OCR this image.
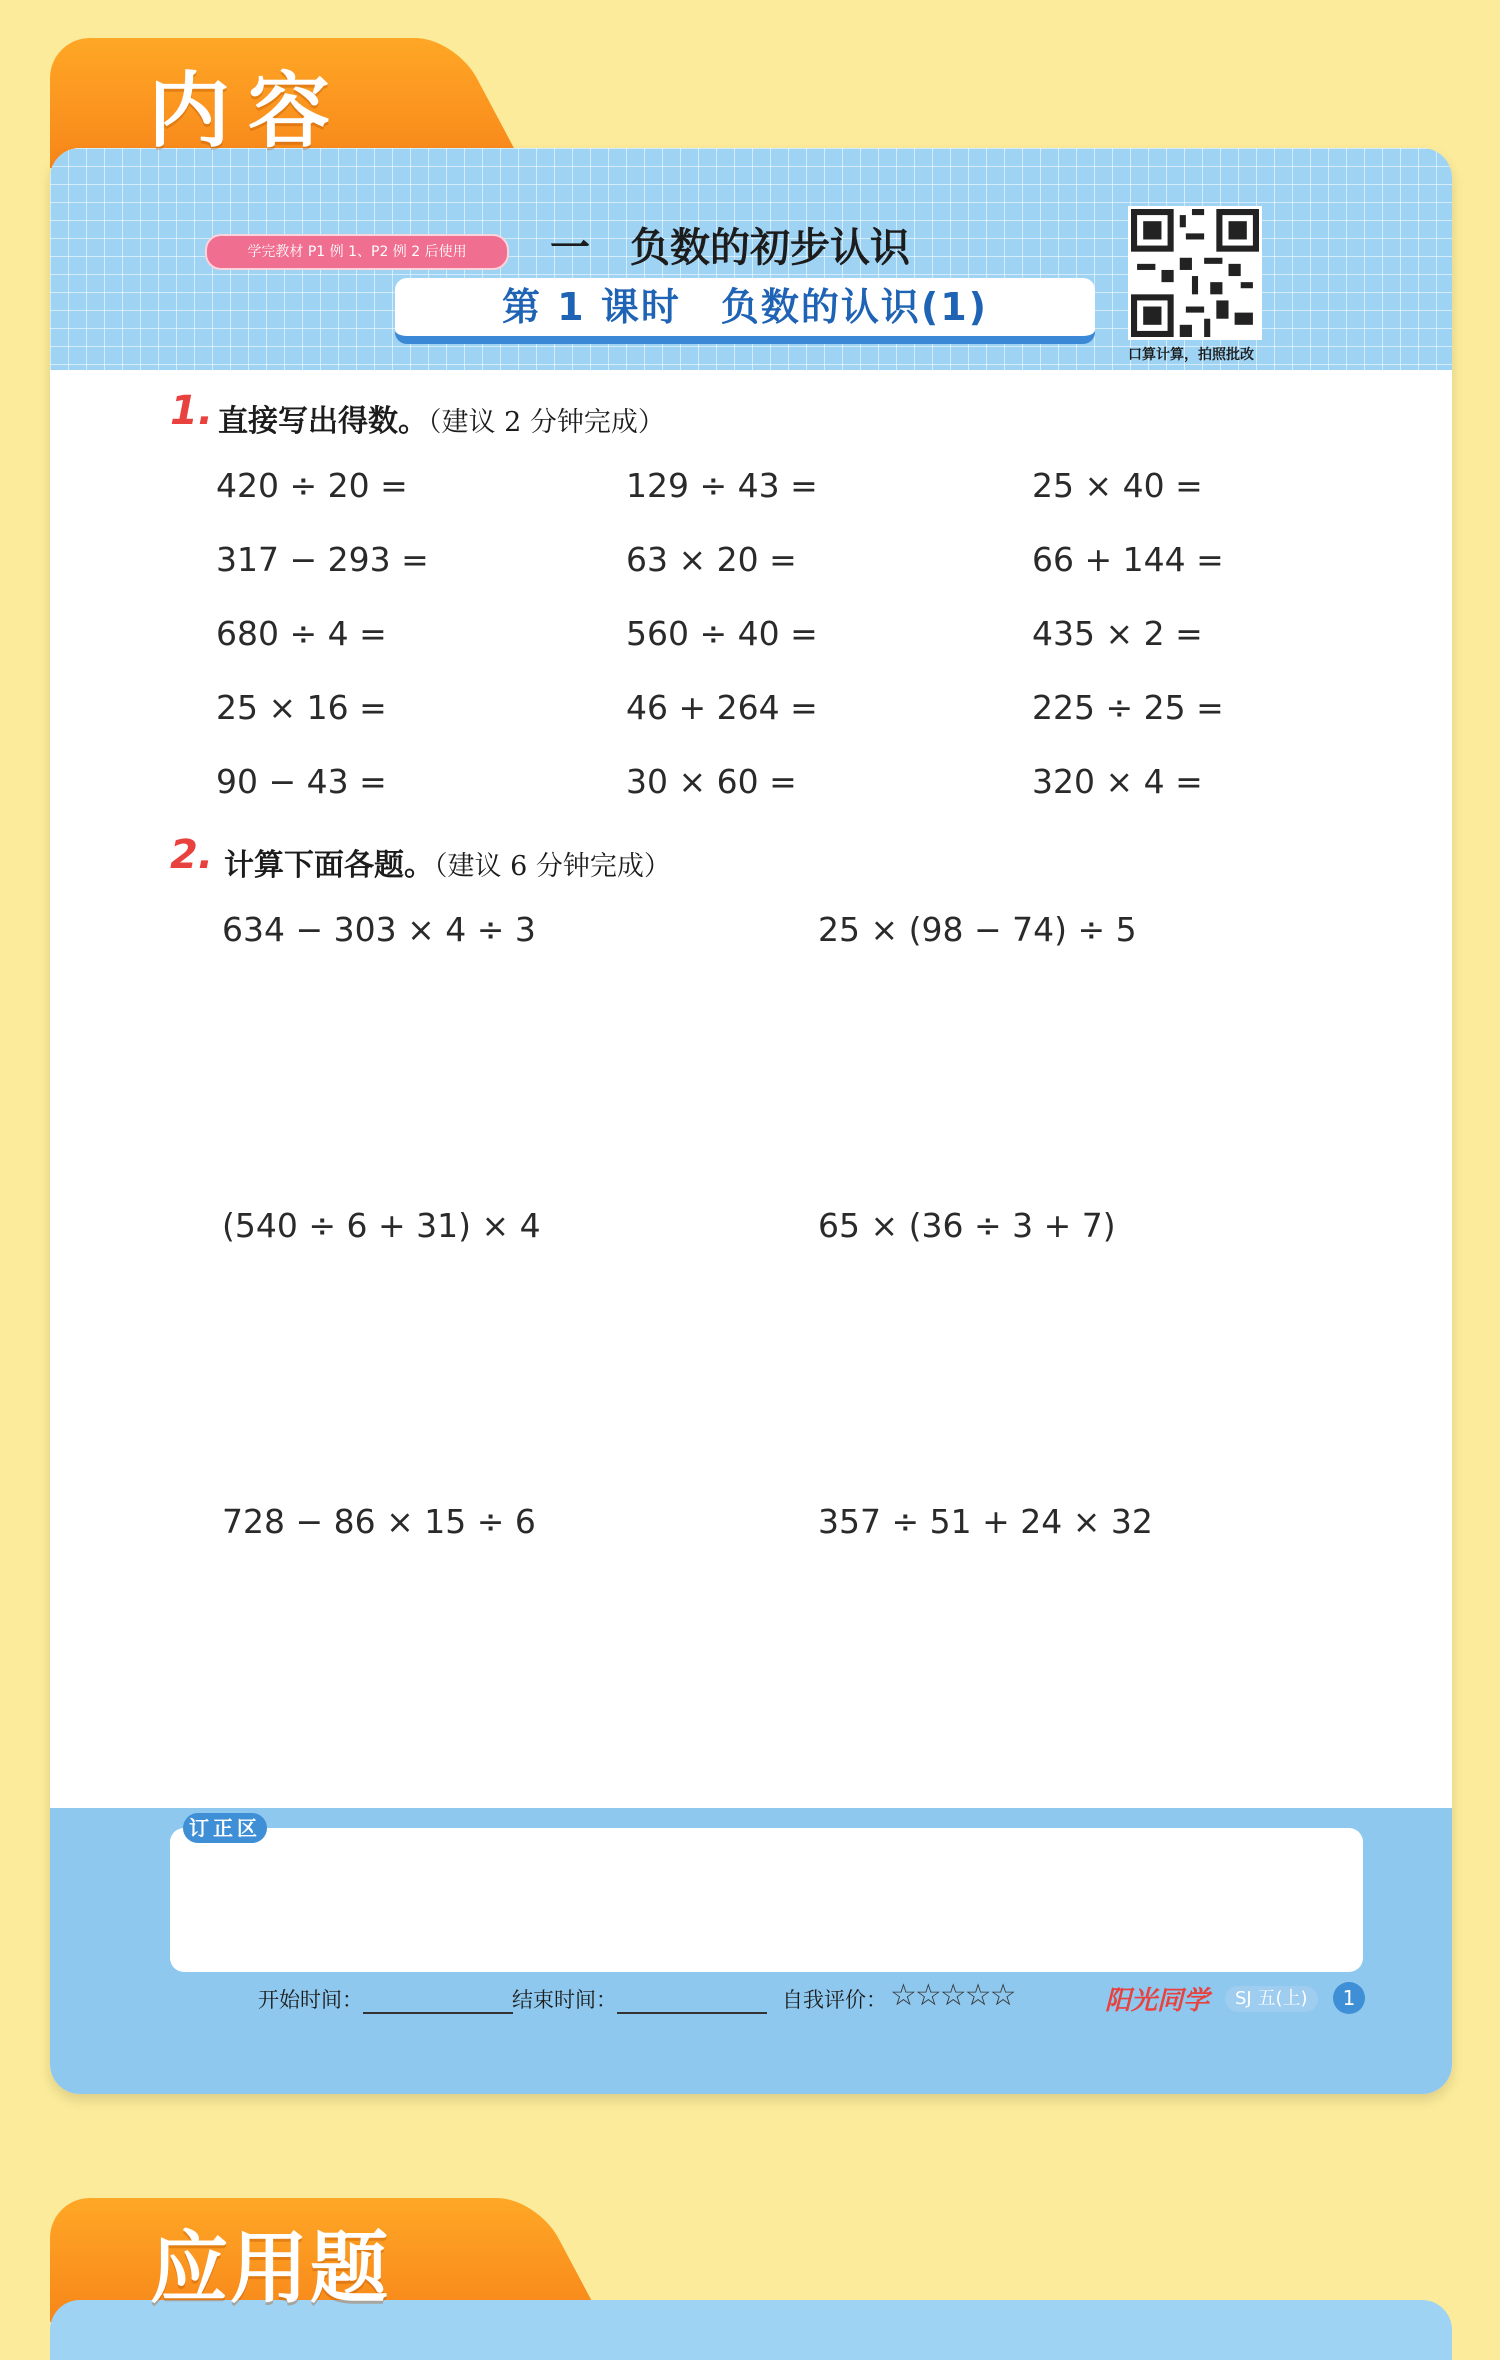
内容
学完教材 P1 例 1、P2 例 2 后使用	一　负数的初步认识
第 1 课时　负数的认识(1)
口算计算，拍照批改
1. 直接写出得数。（建议 2 分钟完成）
420 ÷ 20 =	129 ÷ 43 =	25 × 40 =
317 − 293 =	63 × 20 =	66 + 144 =
680 ÷ 4 =	560 ÷ 40 =	435 × 2 =
25 × 16 =	46 + 264 =	225 ÷ 25 =
90 − 43 =	30 × 60 =	320 × 4 =
2. 计算下面各题。（建议 6 分钟完成）
634 − 303 × 4 ÷ 3	25 × (98 − 74) ÷ 5
(540 ÷ 6 + 31) × 4	65 × (36 ÷ 3 + 7)
728 − 86 × 15 ÷ 6	357 ÷ 51 + 24 × 32
订正区
开始时间：	结束时间：	自我评价： ☆☆☆☆☆	阳光同学	SJ 五(上)	1
应用题
